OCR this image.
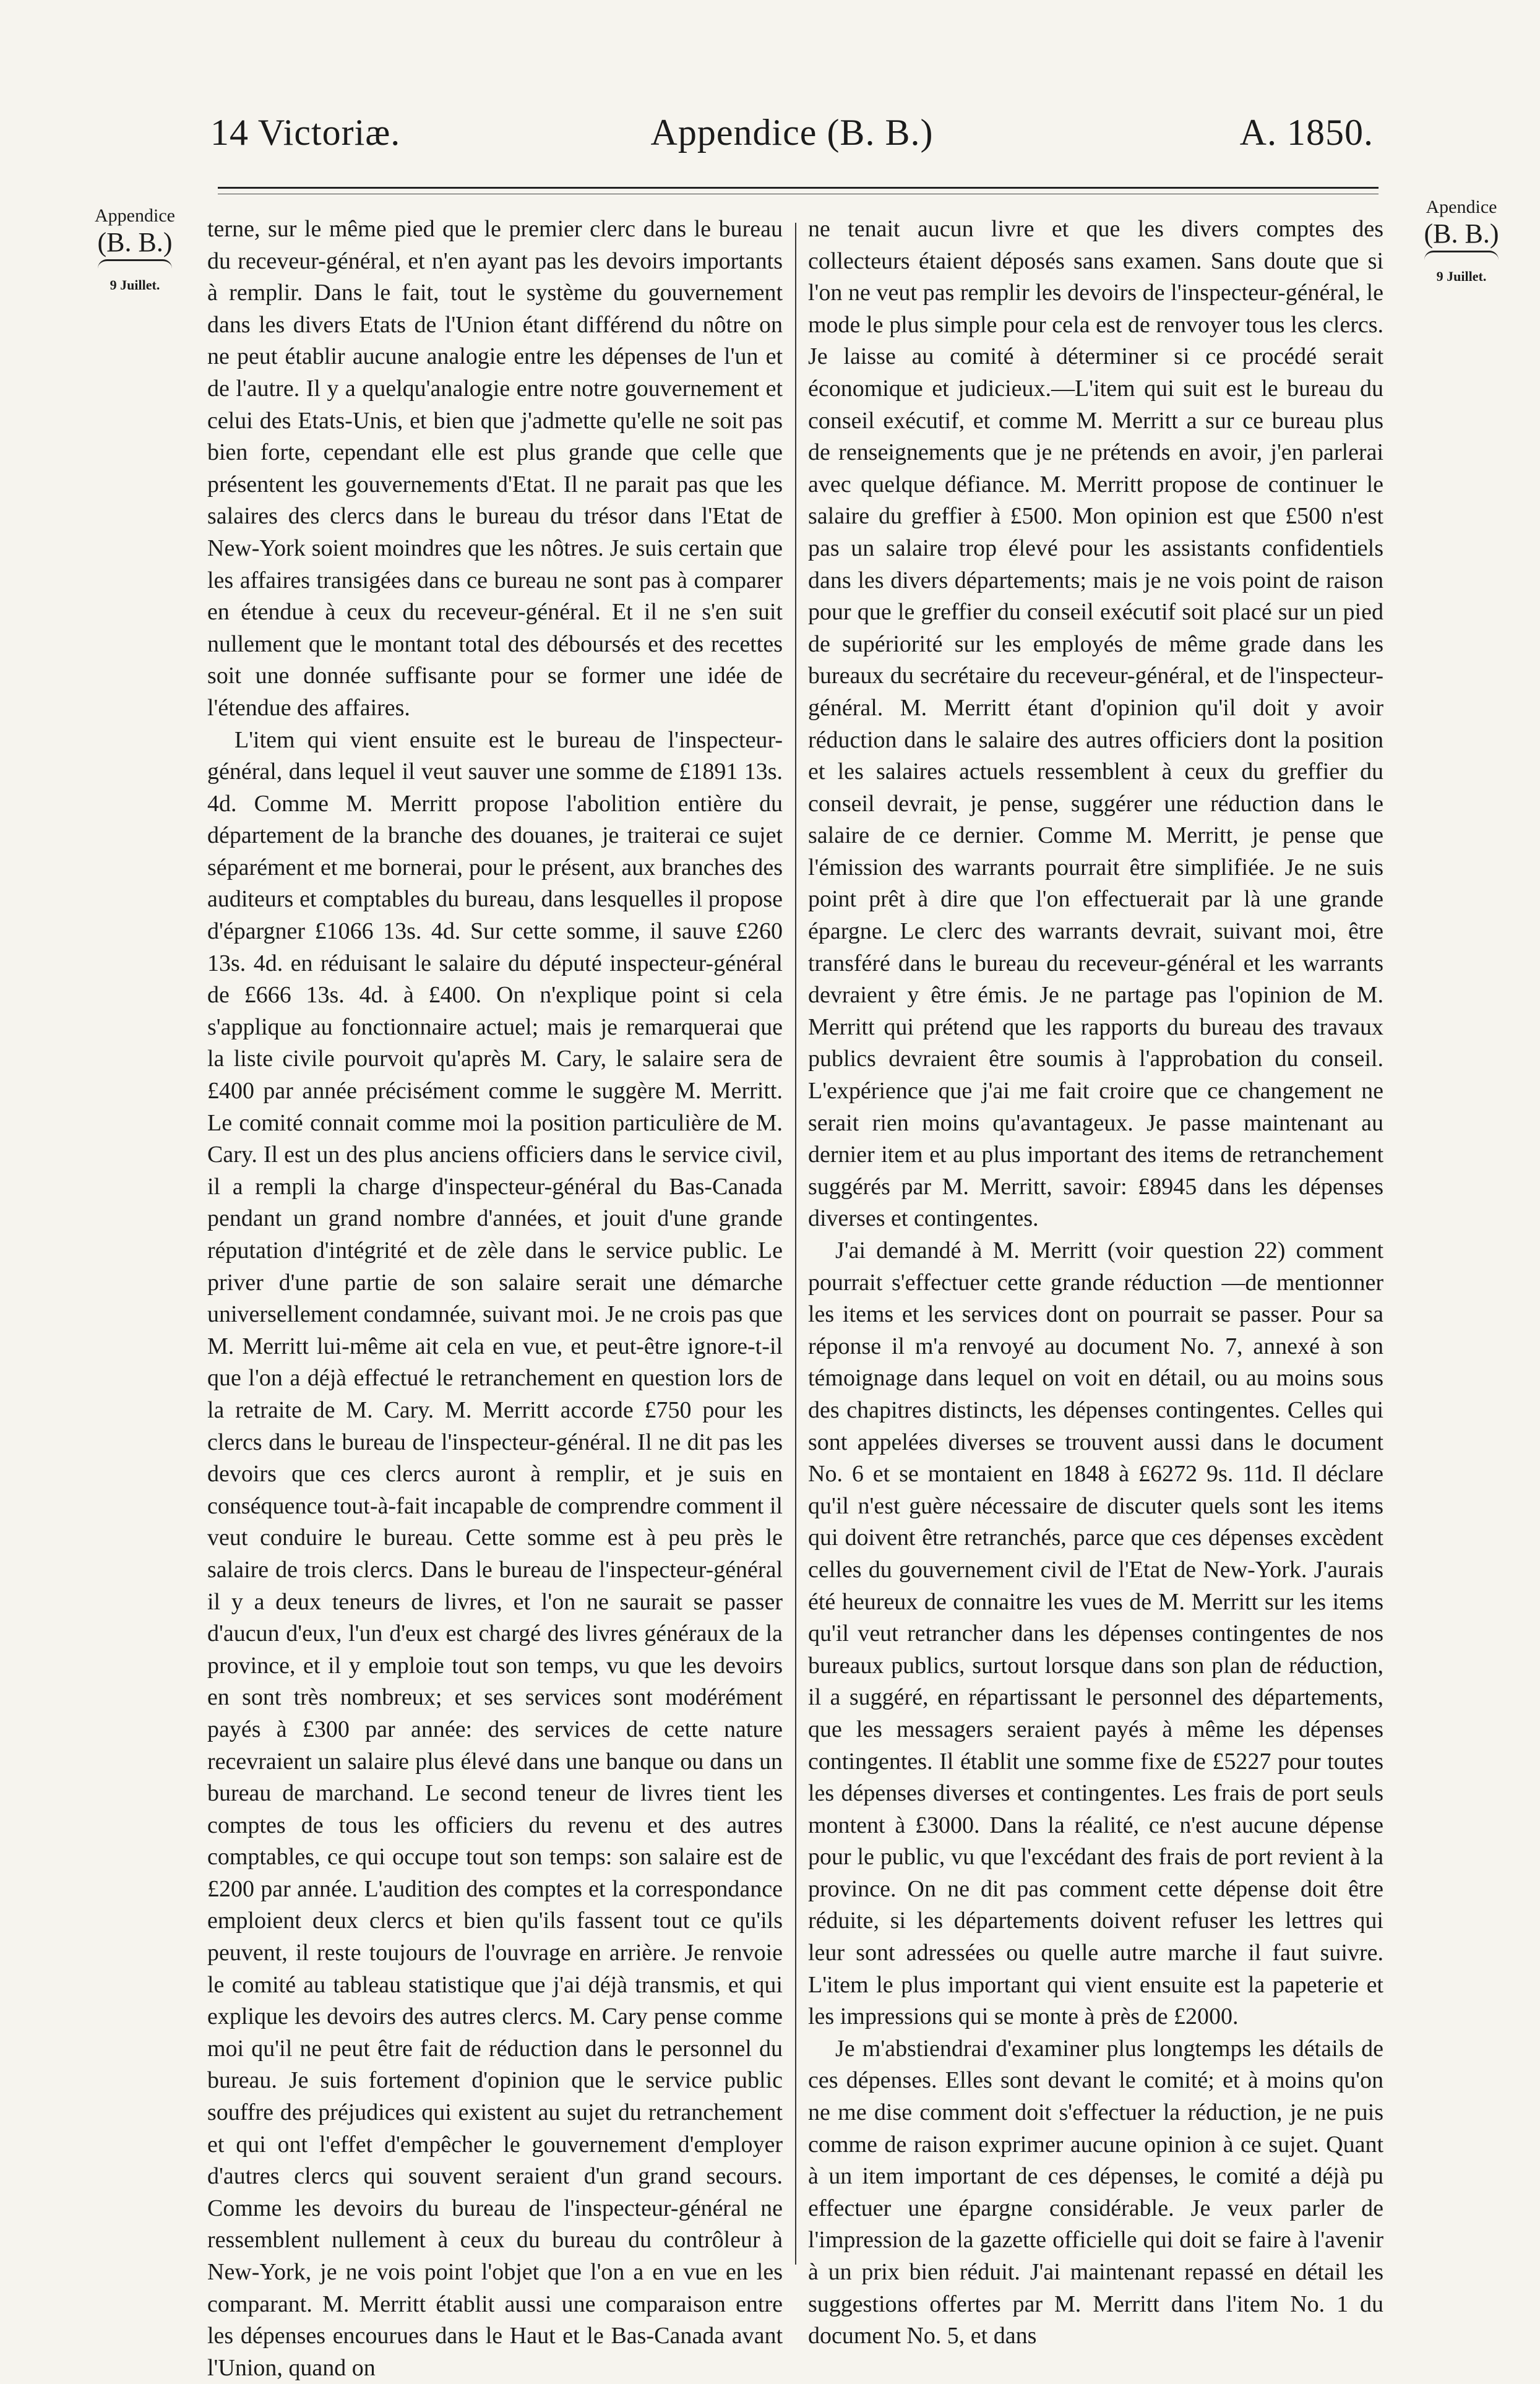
14 Victoriæ.	Appendice (B. B.)	A. 1850.
Appendice
(B. B.)
9 Juillet.
Apendice
(B. B.)
9 Juillet.

terne, sur le même pied que le premier clerc dans le bureau du receveur-général, et n'en ayant pas les devoirs importants à remplir. Dans le fait, tout le système du gouvernement dans les divers Etats de l'Union étant différend du nôtre on ne peut établir aucune analogie entre les dépenses de l'un et de l'autre. Il y a quelqu'analogie entre notre gouvernement et celui des Etats-Unis, et bien que j'admette qu'elle ne soit pas bien forte, cependant elle est plus grande que celle que présentent les gouvernements d'Etat. Il ne parait pas que les salaires des clercs dans le bureau du trésor dans l'Etat de New-York soient moindres que les nôtres. Je suis certain que les affaires transigées dans ce bureau ne sont pas à comparer en étendue à ceux du receveur-général. Et il ne s'en suit nullement que le montant total des déboursés et des recettes soit une donnée suffisante pour se former une idée de l'étendue des affaires.

L'item qui vient ensuite est le bureau de l'inspecteur-général, dans lequel il veut sauver une somme de £1891 13s. 4d. Comme M. Merritt propose l'abolition entière du département de la branche des douanes, je traiterai ce sujet séparément et me bornerai, pour le présent, aux branches des auditeurs et comptables du bureau, dans lesquelles il propose d'épargner £1066 13s. 4d. Sur cette somme, il sauve £260 13s. 4d. en réduisant le salaire du député inspecteur-général de £666 13s. 4d. à £400. On n'explique point si cela s'applique au fonctionnaire actuel; mais je remarquerai que la liste civile pourvoit qu'après M. Cary, le salaire sera de £400 par année précisément comme le suggère M. Merritt. Le comité connait comme moi la position particulière de M. Cary. Il est un des plus anciens officiers dans le service civil, il a rempli la charge d'inspecteur-général du Bas-Canada pendant un grand nombre d'années, et jouit d'une grande réputation d'intégrité et de zèle dans le service public. Le priver d'une partie de son salaire serait une démarche universellement condamnée, suivant moi. Je ne crois pas que M. Merritt lui-même ait cela en vue, et peut-être ignore-t-il que l'on a déjà effectué le retranchement en question lors de la retraite de M. Cary. M. Merritt accorde £750 pour les clercs dans le bureau de l'inspecteur-général. Il ne dit pas les devoirs que ces clercs auront à remplir, et je suis en conséquence tout-à-fait incapable de comprendre comment il veut conduire le bureau. Cette somme est à peu près le salaire de trois clercs. Dans le bureau de l'inspecteur-général il y a deux teneurs de livres, et l'on ne saurait se passer d'aucun d'eux, l'un d'eux est chargé des livres généraux de la province, et il y emploie tout son temps, vu que les devoirs en sont très nombreux; et ses services sont modérément payés à £300 par année: des services de cette nature recevraient un salaire plus élevé dans une banque ou dans un bureau de marchand. Le second teneur de livres tient les comptes de tous les officiers du revenu et des autres comptables, ce qui occupe tout son temps: son salaire est de £200 par année. L'audition des comptes et la correspondance emploient deux clercs et bien qu'ils fassent tout ce qu'ils peuvent, il reste toujours de l'ouvrage en arrière. Je renvoie le comité au tableau statistique que j'ai déjà transmis, et qui explique les devoirs des autres clercs. M. Cary pense comme moi qu'il ne peut être fait de réduction dans le personnel du bureau. Je suis fortement d'opinion que le service public souffre des préjudices qui existent au sujet du retranchement et qui ont l'effet d'empêcher le gouvernement d'employer d'autres clercs qui souvent seraient d'un grand secours. Comme les devoirs du bureau de l'inspecteur-général ne ressemblent nullement à ceux du bureau du contrôleur à New-York, je ne vois point l'objet que l'on a en vue en les comparant. M. Merritt établit aussi une comparaison entre les dépenses encourues dans le Haut et le Bas-Canada avant l'Union, quand on

ne tenait aucun livre et que les divers comptes des collecteurs étaient déposés sans examen. Sans doute que si l'on ne veut pas remplir les devoirs de l'inspecteur-général, le mode le plus simple pour cela est de renvoyer tous les clercs. Je laisse au comité à déterminer si ce procédé serait économique et judicieux.—L'item qui suit est le bureau du conseil exécutif, et comme M. Merritt a sur ce bureau plus de renseignements que je ne prétends en avoir, j'en parlerai avec quelque défiance. M. Merritt propose de continuer le salaire du greffier à £500. Mon opinion est que £500 n'est pas un salaire trop élevé pour les assistants confidentiels dans les divers départements; mais je ne vois point de raison pour que le greffier du conseil exécutif soit placé sur un pied de supériorité sur les employés de même grade dans les bureaux du secrétaire du receveur-général, et de l'inspecteur-général. M. Merritt étant d'opinion qu'il doit y avoir réduction dans le salaire des autres officiers dont la position et les salaires actuels ressemblent à ceux du greffier du conseil devrait, je pense, suggérer une réduction dans le salaire de ce dernier. Comme M. Merritt, je pense que l'émission des warrants pourrait être simplifiée. Je ne suis point prêt à dire que l'on effectuerait par là une grande épargne. Le clerc des warrants devrait, suivant moi, être transféré dans le bureau du receveur-général et les warrants devraient y être émis. Je ne partage pas l'opinion de M. Merritt qui prétend que les rapports du bureau des travaux publics devraient être soumis à l'approbation du conseil. L'expérience que j'ai me fait croire que ce changement ne serait rien moins qu'avantageux. Je passe maintenant au dernier item et au plus important des items de retranchement suggérés par M. Merritt, savoir: £8945 dans les dépenses diverses et contingentes.

J'ai demandé à M. Merritt (voir question 22) comment pourrait s'effectuer cette grande réduction —de mentionner les items et les services dont on pourrait se passer. Pour sa réponse il m'a renvoyé au document No. 7, annexé à son témoignage dans lequel on voit en détail, ou au moins sous des chapitres distincts, les dépenses contingentes. Celles qui sont appelées diverses se trouvent aussi dans le document No. 6 et se montaient en 1848 à £6272 9s. 11d. Il déclare qu'il n'est guère nécessaire de discuter quels sont les items qui doivent être retranchés, parce que ces dépenses excèdent celles du gouvernement civil de l'Etat de New-York. J'aurais été heureux de connaitre les vues de M. Merritt sur les items qu'il veut retrancher dans les dépenses contingentes de nos bureaux publics, surtout lorsque dans son plan de réduction, il a suggéré, en répartissant le personnel des départements, que les messagers seraient payés à même les dépenses contingentes. Il établit une somme fixe de £5227 pour toutes les dépenses diverses et contingentes. Les frais de port seuls montent à £3000. Dans la réalité, ce n'est aucune dépense pour le public, vu que l'excédant des frais de port revient à la province. On ne dit pas comment cette dépense doit être réduite, si les départements doivent refuser les lettres qui leur sont adressées ou quelle autre marche il faut suivre. L'item le plus important qui vient ensuite est la papeterie et les impressions qui se monte à près de £2000.

Je m'abstiendrai d'examiner plus longtemps les détails de ces dépenses. Elles sont devant le comité; et à moins qu'on ne me dise comment doit s'effectuer la réduction, je ne puis comme de raison exprimer aucune opinion à ce sujet. Quant à un item important de ces dépenses, le comité a déjà pu effectuer une épargne considérable. Je veux parler de l'impression de la gazette officielle qui doit se faire à l'avenir à un prix bien réduit. J'ai maintenant repassé en détail les suggestions offertes par M. Merritt dans l'item No. 1 du document No. 5, et dans
